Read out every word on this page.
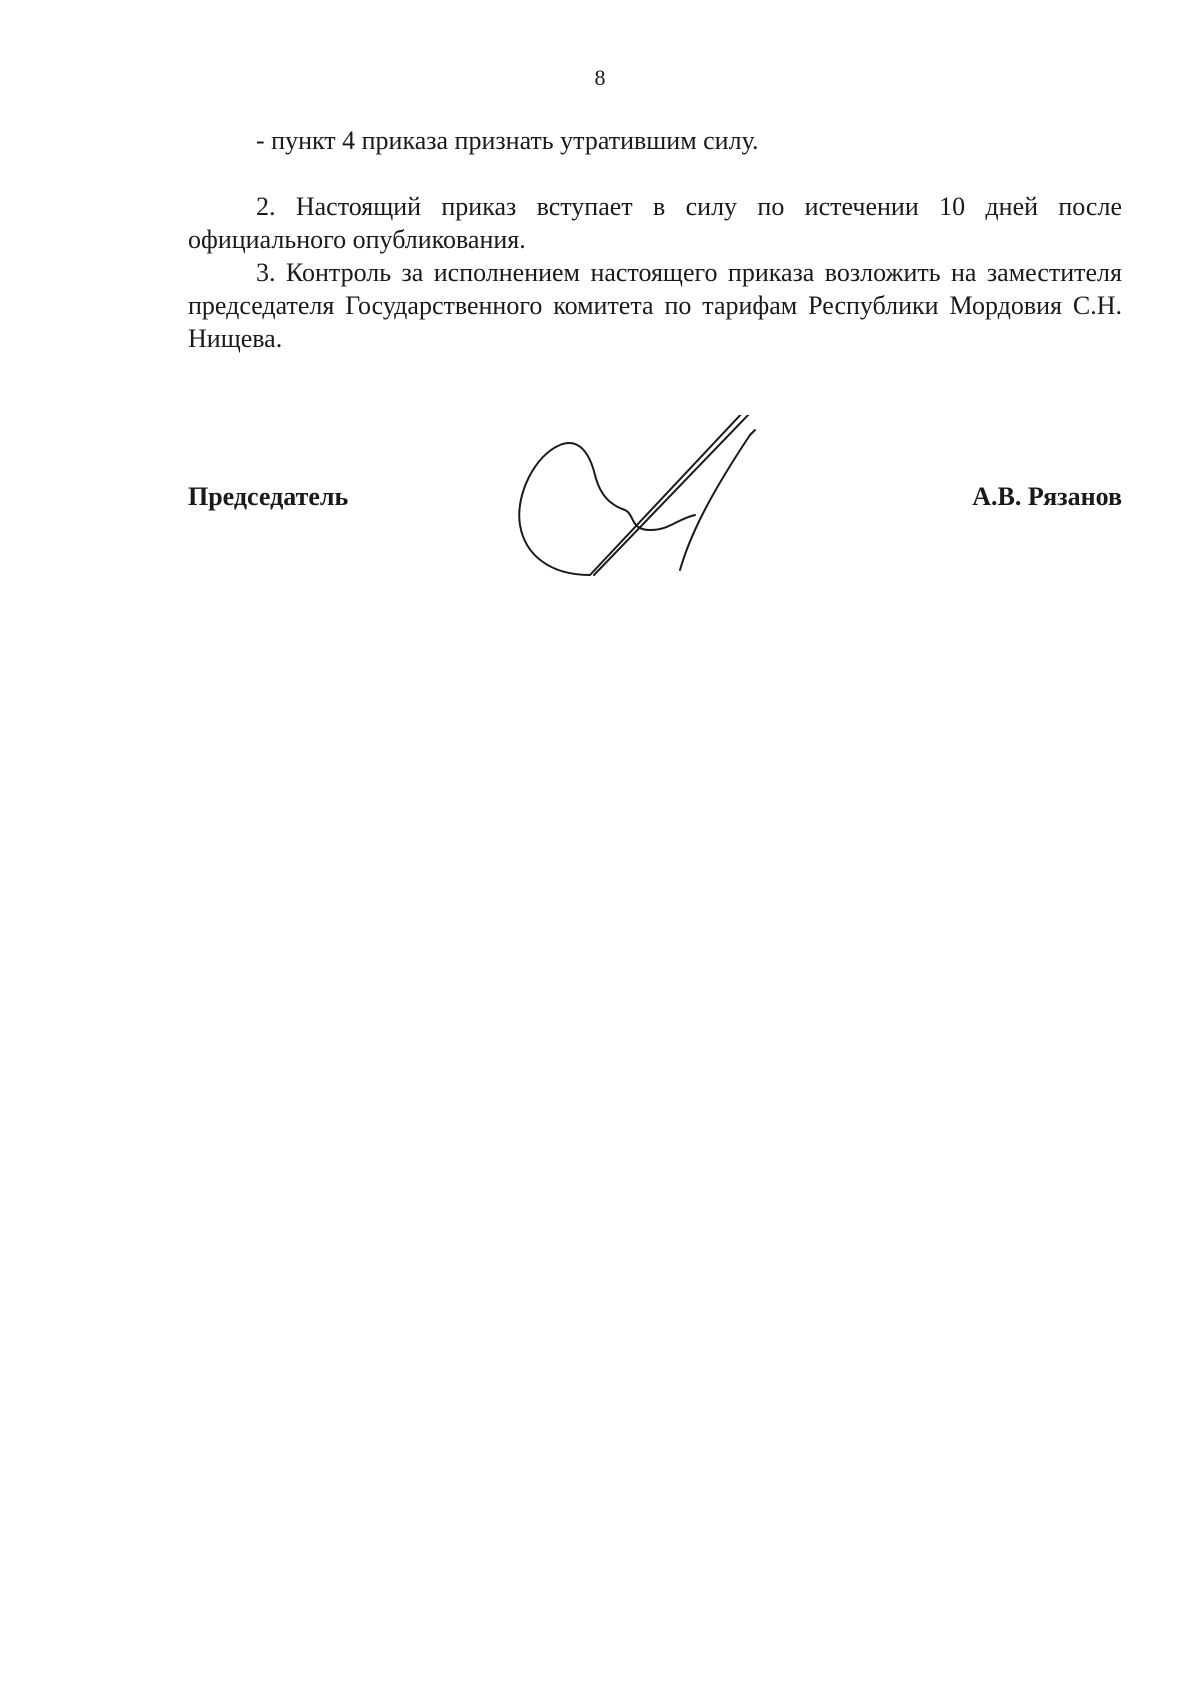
8
- пункт 4 приказа признать утратившим силу.
2. Настоящий приказ вступает в силу по истечении 10 дней после официального опубликования.
3. Контроль за исполнением настоящего приказа возложить на заместителя председателя Государственного комитета по тарифам Республики Мордовия С.Н. Нищева.
Председатель	А.В. Рязанов
